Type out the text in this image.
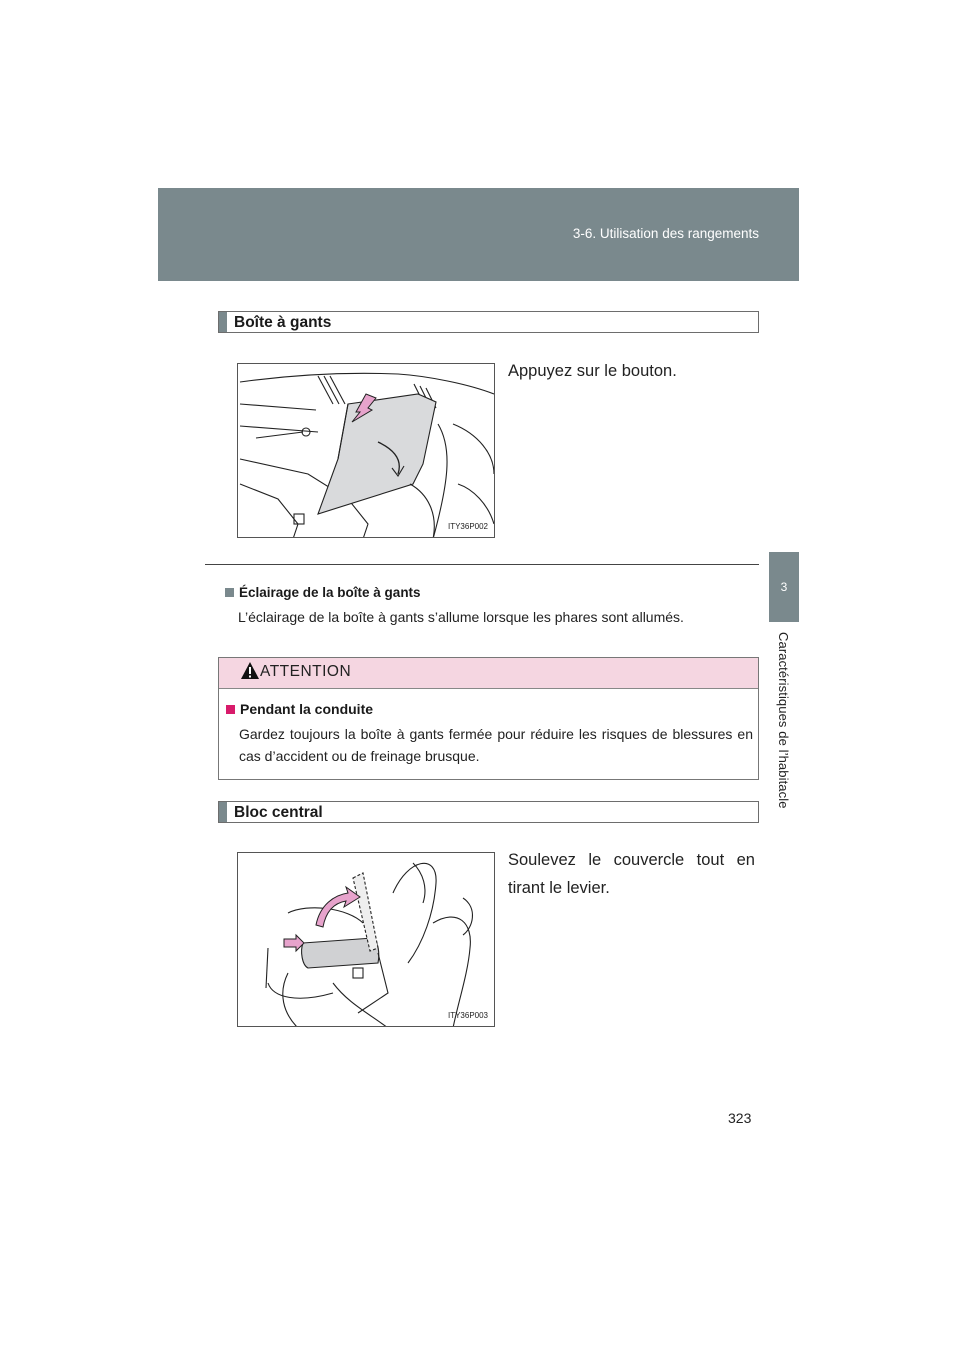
3-6. Utilisation des rangements
3
Caractéristiques de l’habitacle
Boîte à gants
ITY36P002
Appuyez sur le bouton.
Éclairage de la boîte à gants
L’éclairage de la boîte à gants s’allume lorsque les phares sont allumés.
ATTENTION
Pendant la conduite
Gardez toujours la boîte à gants fermée pour réduire les risques de blessures en cas d’accident ou de freinage brusque.
Bloc central
ITY36P003
Soulevez le couvercle tout en tirant le levier.
323
